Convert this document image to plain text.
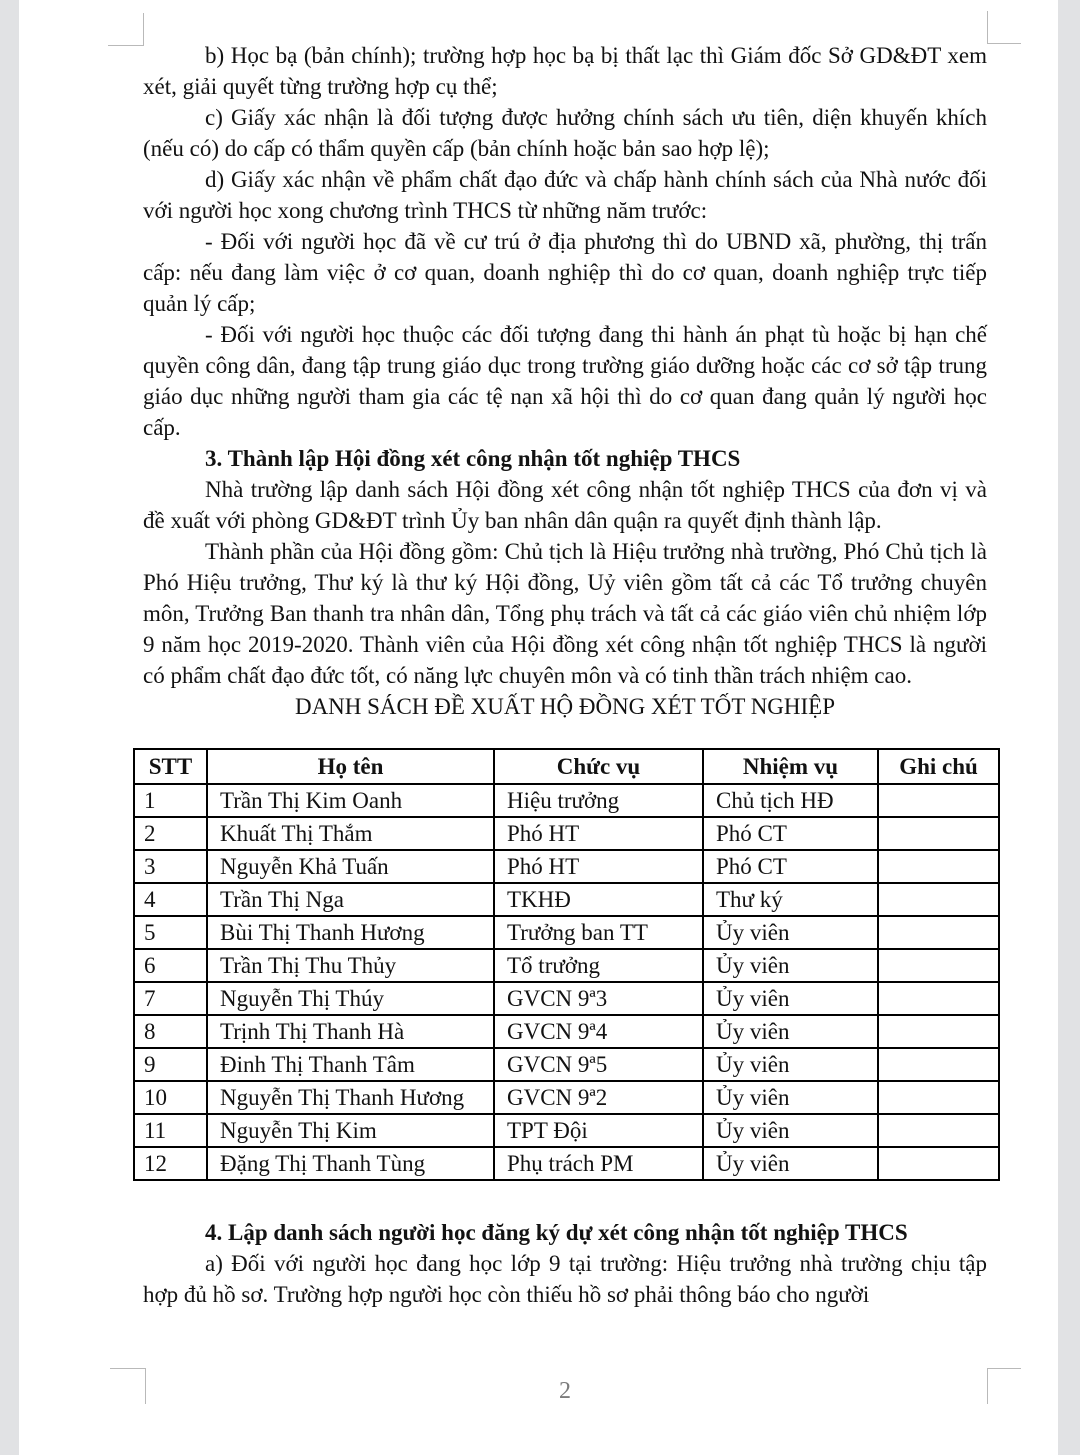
b) Học bạ (bản chính); trường hợp học bạ bị thất lạc thì Giám đốc Sở GD&ĐT xem xét, giải quyết từng trường hợp cụ thể;

c) Giấy xác nhận là đối tượng được hưởng chính sách ưu tiên, diện khuyến khích (nếu có) do cấp có thẩm quyền cấp (bản chính hoặc bản sao hợp lệ);

d) Giấy xác nhận về phẩm chất đạo đức và chấp hành chính sách của Nhà nước đối với người học xong chương trình THCS từ những năm trước:

- Đối với người học đã về cư trú ở địa phương thì do UBND xã, phường, thị trấn cấp: nếu đang làm việc ở cơ quan, doanh nghiệp thì do cơ quan, doanh nghiệp trực tiếp quản lý cấp;

- Đối với người học thuộc các đối tượng đang thi hành án phạt tù hoặc bị hạn chế quyền công dân, đang tập trung giáo dục trong trường giáo dưỡng hoặc các cơ sở tập trung giáo dục những người tham gia các tệ nạn xã hội thì do cơ quan đang quản lý người học cấp.

3. Thành lập Hội đồng xét công nhận tốt nghiệp THCS

Nhà trường lập danh sách Hội đồng xét công nhận tốt nghiệp THCS của đơn vị và đề xuất với phòng GD&ĐT trình Ủy ban nhân dân quận ra quyết định thành lập.

Thành phần của Hội đồng gồm: Chủ tịch là Hiệu trưởng nhà trường, Phó Chủ tịch là Phó Hiệu trưởng, Thư ký là thư ký Hội đồng, Uỷ viên gồm tất cả các Tổ trưởng chuyên môn, Trưởng Ban thanh tra nhân dân, Tổng phụ trách và tất cả các giáo viên chủ nhiệm lớp 9 năm học 2019-2020. Thành viên của Hội đồng xét công nhận tốt nghiệp THCS là người có phẩm chất đạo đức tốt, có năng lực chuyên môn và có tinh thần trách nhiệm cao.

DANH SÁCH ĐỀ XUẤT HỘ ĐỒNG XÉT TỐT NGHIỆP

STT	Họ tên	Chức vụ	Nhiệm vụ	Ghi chú
1	Trần Thị Kim Oanh	Hiệu trưởng	Chủ tịch HĐ	
2	Khuất Thị Thắm	Phó HT	Phó CT	
3	Nguyễn Khả Tuấn	Phó HT	Phó CT	
4	Trần Thị Nga	TKHĐ	Thư ký	
5	Bùi Thị Thanh Hương	Trưởng ban TT	Ủy viên	
6	Trần Thị Thu Thủy	Tổ trưởng	Ủy viên	
7	Nguyễn Thị Thúy	GVCN 9ª3	Ủy viên	
8	Trịnh Thị Thanh Hà	GVCN 9ª4	Ủy viên	
9	Đinh Thị Thanh Tâm	GVCN 9ª5	Ủy viên	
10	Nguyễn Thị Thanh Hương	GVCN 9ª2	Ủy viên	
11	Nguyễn Thị Kim	TPT Đội	Ủy viên	
12	Đặng Thị Thanh Tùng	Phụ trách PM	Ủy viên	

4. Lập danh sách người học đăng ký dự xét công nhận tốt nghiệp THCS

a) Đối với người học đang học lớp 9 tại trường: Hiệu trưởng nhà trường chịu tập hợp đủ hồ sơ. Trường hợp người học còn thiếu hồ sơ phải thông báo cho người

2
